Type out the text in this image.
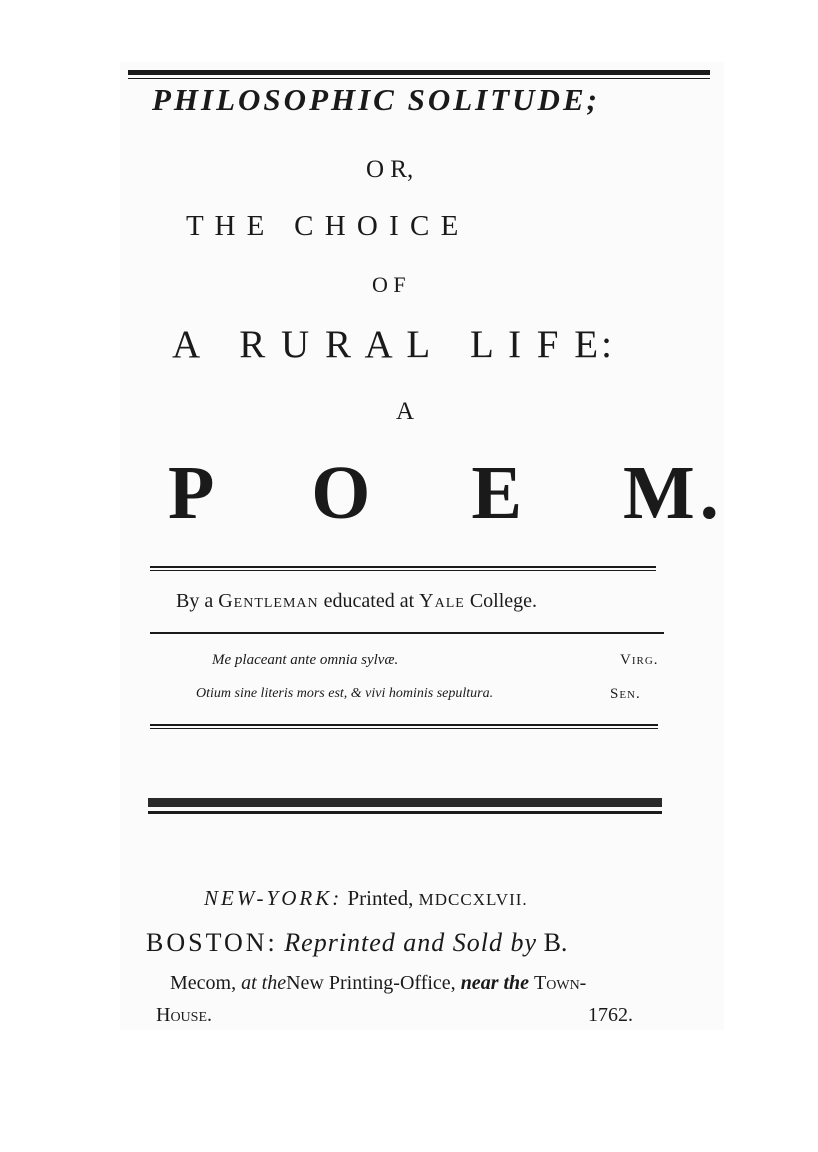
PHILOSOPHIC SOLITUDE;
O R,
T H E   C H O I C E
O F
A   R U R A L   L I F E:
A
P    O    E    M.
By a Gentleman educated at Yale College.
Me placeant ante omnia sylvæ.	Virg.
Otium sine literis mors est, & vivi hominis sepultura.	Sen.
NEW-YORK: Printed, MDCCXLVII.
BOSTON: Reprinted and Sold by B.
Mecom, at theNew Printing-Office, near the Town-
House.	1762.
